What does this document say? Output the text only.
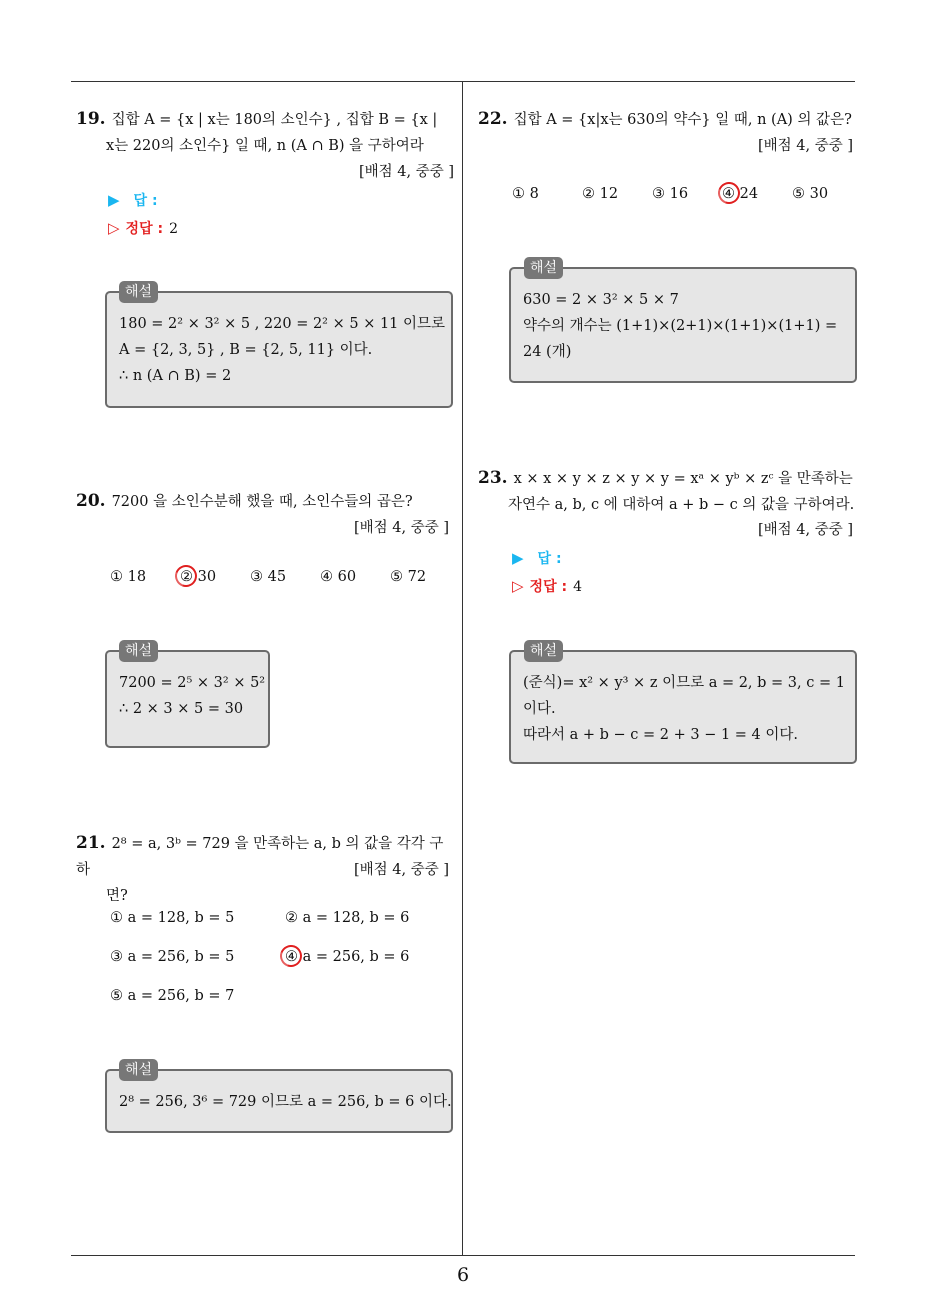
6
19. 집합 A = {x | x는 180의 소인수} , 집합 B = {x |
x는 220의 소인수} 일 때, n (A ∩ B) 을 구하여라
[배점 4, 중중 ]
▶ 답 :
▷ 정답 : 2
180 = 2² × 3² × 5 , 220 = 2² × 5 × 11 이므로
A = {2, 3, 5} , B = {2, 5, 11} 이다.
∴ n (A ∩ B) = 2
해설
20. 7200 을 소인수분해 했을 때, 소인수들의 곱은?
[배점 4, 중중 ]
① 18 ② 30 ③ 45 ④ 60 ⑤ 72
7200 = 2⁵ × 3² × 5²
∴ 2 × 3 × 5 = 30
해설
21. 2⁸ = a, 3ᵇ = 729 을 만족하는 a, b 의 값을 각각 구하
면?
[배점 4, 중중 ]
① a = 128, b = 5	② a = 128, b = 6
③ a = 256, b = 5	④ a = 256, b = 6
⑤ a = 256, b = 7
2⁸ = 256, 3⁶ = 729 이므로 a = 256, b = 6 이다.
해설
22. 집합 A = {x|x는 630의 약수} 일 때, n (A) 의 값은?
[배점 4, 중중 ]
① 8	② 12 ③ 16 ④ 24 ⑤ 30
630 = 2 × 3² × 5 × 7
약수의 개수는 (1+1)×(2+1)×(1+1)×(1+1) =
24 (개)
해설
23. x × x × y × z × y × y = xᵃ × yᵇ × zᶜ 을 만족하는
자연수 a, b, c 에 대하여 a + b − c 의 값을 구하여라.
[배점 4, 중중 ]
▶ 답 :
▷ 정답 : 4
(준식)= x² × y³ × z 이므로 a = 2, b = 3, c = 1
이다.
따라서 a + b − c = 2 + 3 − 1 = 4 이다.
해설
